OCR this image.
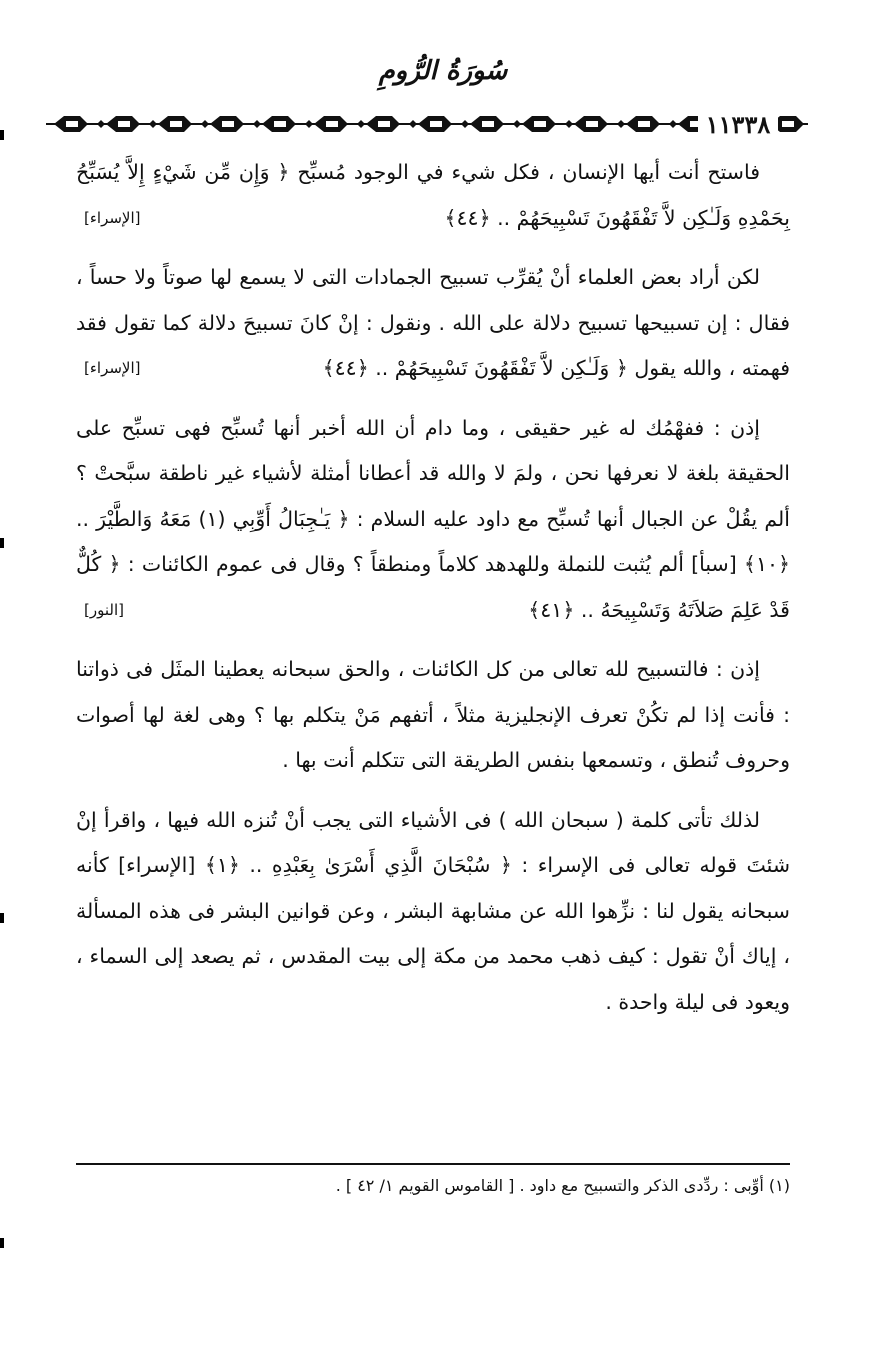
سُورَةُ الرُّومِ
١١٣٣٨

فاستح أنت أيها الإنسان ، فكل شيء في الوجود مُسبِّح ﴿ وَإِن مِّن شَيْءٍ إِلاَّ يُسَبِّحُ بِحَمْدِهِ وَلَـٰكِن لاَّ تَفْقَهُونَ تَسْبِيحَهُمْ .. ﴿٤٤﴾
[الإسراء]

لكن أراد بعض العلماء أنْ يُقرِّب تسبيح الجمادات التى لا يسمع لها صوتاً ولا حساً ، فقال : إن تسبيحها تسبيح دلالة على الله . ونقول : إنْ كانَ تسبيحَ دلالة كما تقول فقد فهمته ، والله يقول ﴿ وَلَـٰكِن لاَّ تَفْقَهُونَ تَسْبِيحَهُمْ .. ﴿٤٤﴾
[الإسراء]

إذن : ففهْمُك له غير حقيقى ، وما دام أن الله أخبر أنها تُسبِّح فهى تسبِّح على الحقيقة بلغة لا نعرفها نحن ، ولمَ لا والله قد أعطانا أمثلة لأشياء غير ناطقة سبَّحتْ ؟ ألم يقُلْ عن الجبال أنها تُسبِّح مع داود عليه السلام : ﴿ يَـٰجِبَالُ أَوِّبِي (١) مَعَهُ وَالطَّيْرَ .. ﴿١٠﴾ [سبأ] ألم يُثبت للنملة وللهدهد كلاماً ومنطقاً ؟ وقال فى عموم الكائنات : ﴿ كُلٌّ قَدْ عَلِمَ صَلاَتَهُ وَتَسْبِيحَهُ .. ﴿٤١﴾
[النور]

إذن : فالتسبيح لله تعالى من كل الكائنات ، والحق سبحانه يعطينا المثَل فى ذواتنا : فأنت إذا لم تكُنْ تعرف الإنجليزية مثلاً ، أتفهم مَنْ يتكلم بها ؟ وهى لغة لها أصوات وحروف تُنطق ، وتسمعها بنفس الطريقة التى تتكلم أنت بها .

لذلك تأتى كلمة ( سبحان الله ) فى الأشياء التى يجب أنْ تُنزه الله فيها ، واقرأ إنْ شئتَ قوله تعالى فى الإسراء : ﴿ سُبْحَانَ الَّذِي أَسْرَىٰ بِعَبْدِهِ .. ﴿١﴾ [الإسراء] كأنه سبحانه يقول لنا : نزِّهوا الله عن مشابهة البشر ، وعن قوانين البشر فى هذه المسألة ، إياك أنْ تقول : كيف ذهب محمد من مكة إلى بيت المقدس ، ثم يصعد إلى السماء ، ويعود فى ليلة واحدة .

(١) أوِّبى : ردِّدى الذكر والتسبيح مع داود . [ القاموس القويم ١/ ٤٢ ] .
